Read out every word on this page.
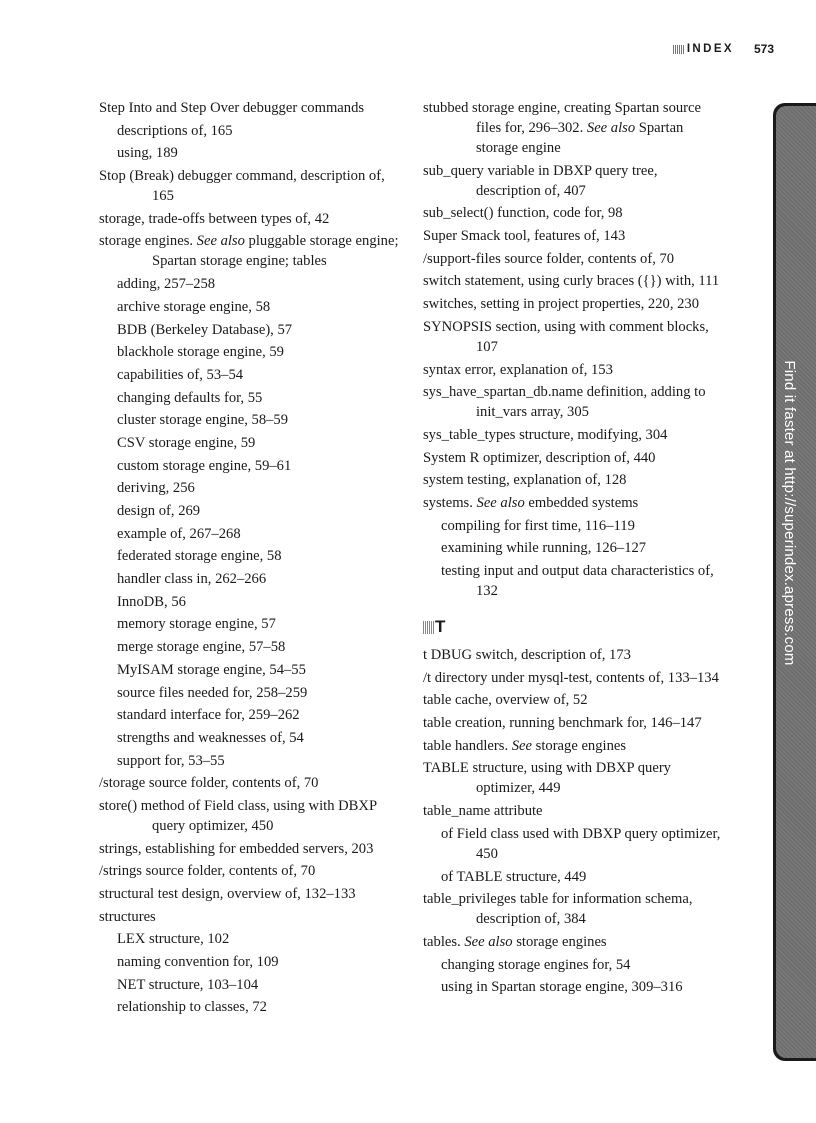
INDEX 573
Step Into and Step Over debugger commands
descriptions of, 165
using, 189
Stop (Break) debugger command, description of, 165
storage, trade-offs between types of, 42
storage engines. See also pluggable storage engine; Spartan storage engine; tables
adding, 257–258
archive storage engine, 58
BDB (Berkeley Database), 57
blackhole storage engine, 59
capabilities of, 53–54
changing defaults for, 55
cluster storage engine, 58–59
CSV storage engine, 59
custom storage engine, 59–61
deriving, 256
design of, 269
example of, 267–268
federated storage engine, 58
handler class in, 262–266
InnoDB, 56
memory storage engine, 57
merge storage engine, 57–58
MyISAM storage engine, 54–55
source files needed for, 258–259
standard interface for, 259–262
strengths and weaknesses of, 54
support for, 53–55
/storage source folder, contents of, 70
store() method of Field class, using with DBXP query optimizer, 450
strings, establishing for embedded servers, 203
/strings source folder, contents of, 70
structural test design, overview of, 132–133
structures
LEX structure, 102
naming convention for, 109
NET structure, 103–104
relationship to classes, 72
stubbed storage engine, creating Spartan source files for, 296–302. See also Spartan storage engine
sub_query variable in DBXP query tree, description of, 407
sub_select() function, code for, 98
Super Smack tool, features of, 143
/support-files source folder, contents of, 70
switch statement, using curly braces ({}) with, 111
switches, setting in project properties, 220, 230
SYNOPSIS section, using with comment blocks, 107
syntax error, explanation of, 153
sys_have_spartan_db.name definition, adding to init_vars array, 305
sys_table_types structure, modifying, 304
System R optimizer, description of, 440
system testing, explanation of, 128
systems. See also embedded systems
compiling for first time, 116–119
examining while running, 126–127
testing input and output data characteristics of, 132
T
t DBUG switch, description of, 173
/t directory under mysql-test, contents of, 133–134
table cache, overview of, 52
table creation, running benchmark for, 146–147
table handlers. See storage engines
TABLE structure, using with DBXP query optimizer, 449
table_name attribute
of Field class used with DBXP query optimizer, 450
of TABLE structure, 449
table_privileges table for information schema, description of, 384
tables. See also storage engines
changing storage engines for, 54
using in Spartan storage engine, 309–316
Find it faster at http://superindex.apress.com
